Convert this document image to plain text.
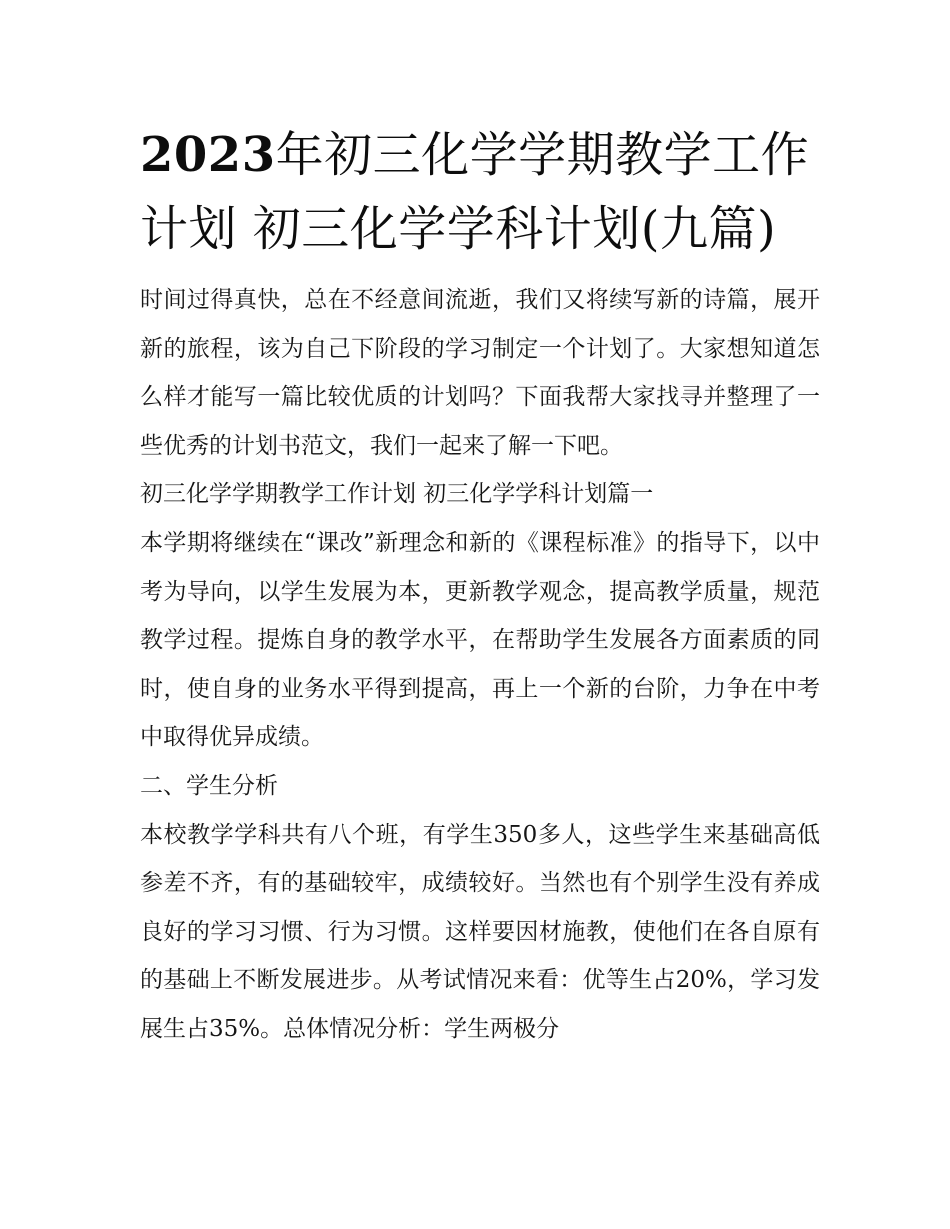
2023年初三化学学期教学工作计划 初三化学学科计划(九篇)

时间过得真快，总在不经意间流逝，我们又将续写新的诗篇，展开新的旅程，该为自己下阶段的学习制定一个计划了。大家想知道怎么样才能写一篇比较优质的计划吗？下面我帮大家找寻并整理了一些优秀的计划书范文，我们一起来了解一下吧。

初三化学学期教学工作计划 初三化学学科计划篇一

本学期将继续在“课改”新理念和新的《课程标准》的指导下，以中考为导向，以学生发展为本，更新教学观念，提高教学质量，规范教学过程。提炼自身的教学水平，在帮助学生发展各方面素质的同时，使自身的业务水平得到提高，再上一个新的台阶，力争在中考中取得优异成绩。

二、学生分析

本校教学学科共有八个班，有学生350多人，这些学生来基础高低参差不齐，有的基础较牢，成绩较好。当然也有个别学生没有养成良好的学习习惯、行为习惯。这样要因材施教，使他们在各自原有的基础上不断发展进步。从考试情况来看：优等生占20%，学习发展生占35%。总体情况分析：学生两极分
